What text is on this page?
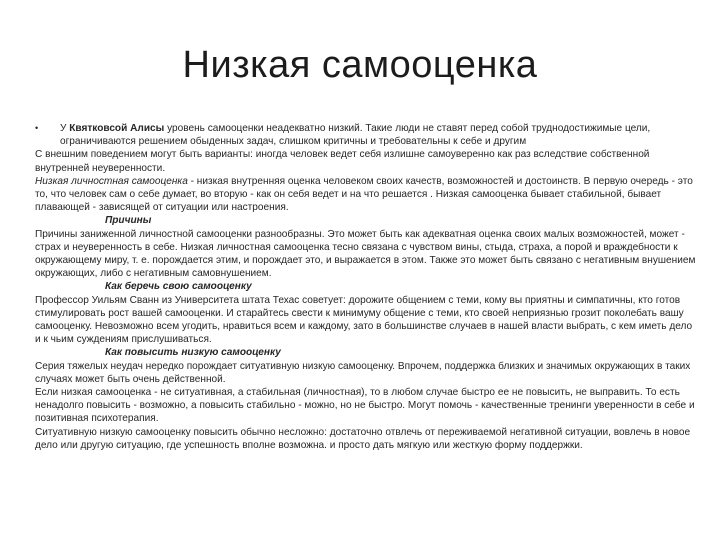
Низкая самооценка

• У Квятковсой Алисы уровень самооценки неадекватно низкий. Такие люди не ставят перед собой труднодостижимые цели, ограничиваются решением обыденных задач, слишком критичны и требовательны к себе и другим

С внешним поведением могут быть варианты: иногда человек ведет себя излишне самоуверенно как раз вследствие собственной внутренней неуверенности.

Низкая личностная самооценка - низкая внутренняя оценка человеком своих качеств, возможностей и достоинств. В первую очередь - это то, что человек сам о себе думает, во вторую - как он себя ведет и на что решается . Низкая самооценка бывает стабильной, бывает плавающей - зависящей от ситуации или настроения.

Причины

Причины заниженной личностной самооценки разнообразны. Это может быть как адекватная оценка своих малых возможностей, может - страх и неуверенность в себе. Низкая личностная самооценка тесно связана с чувством вины, стыда, страха, а порой и враждебности к окружающему миру, т. е. порождается этим, и порождает это, и выражается в этом. Также это может быть связано с негативным внушением окружающих, либо с негативным самовнушением.

Как беречь свою самооценку

Профессор Уильям Сванн из Университета штата Техас советует: дорожите общением с теми, кому вы приятны и симпатичны, кто готов стимулировать рост вашей самооценки. И старайтесь свести к минимуму общение с теми, кто своей неприязнью грозит поколебать вашу самооценку. Невозможно всем угодить, нравиться всем и каждому, зато в большинстве случаев в нашей власти выбрать, с кем иметь дело и к чьим суждениям прислушиваться.

Как повысить низкую самооценку

Серия тяжелых неудач нередко порождает ситуативную низкую самооценку. Впрочем, поддержка близких и значимых окружающих в таких случаях может быть очень действенной.

Если низкая самооценка - не ситуативная, а стабильная (личностная), то в любом случае быстро ее не повысить, не выправить. То есть ненадолго повысить - возможно, а повысить стабильно - можно, но не быстро. Могут помочь - качественные тренинги уверенности в себе и позитивная психотерапия.

Ситуативную низкую самооценку повысить обычно несложно: достаточно отвлечь от переживаемой негативной ситуации, вовлечь в новое дело или другую ситуацию, где успешность вполне возможна. и просто дать мягкую или жесткую форму поддержки.
